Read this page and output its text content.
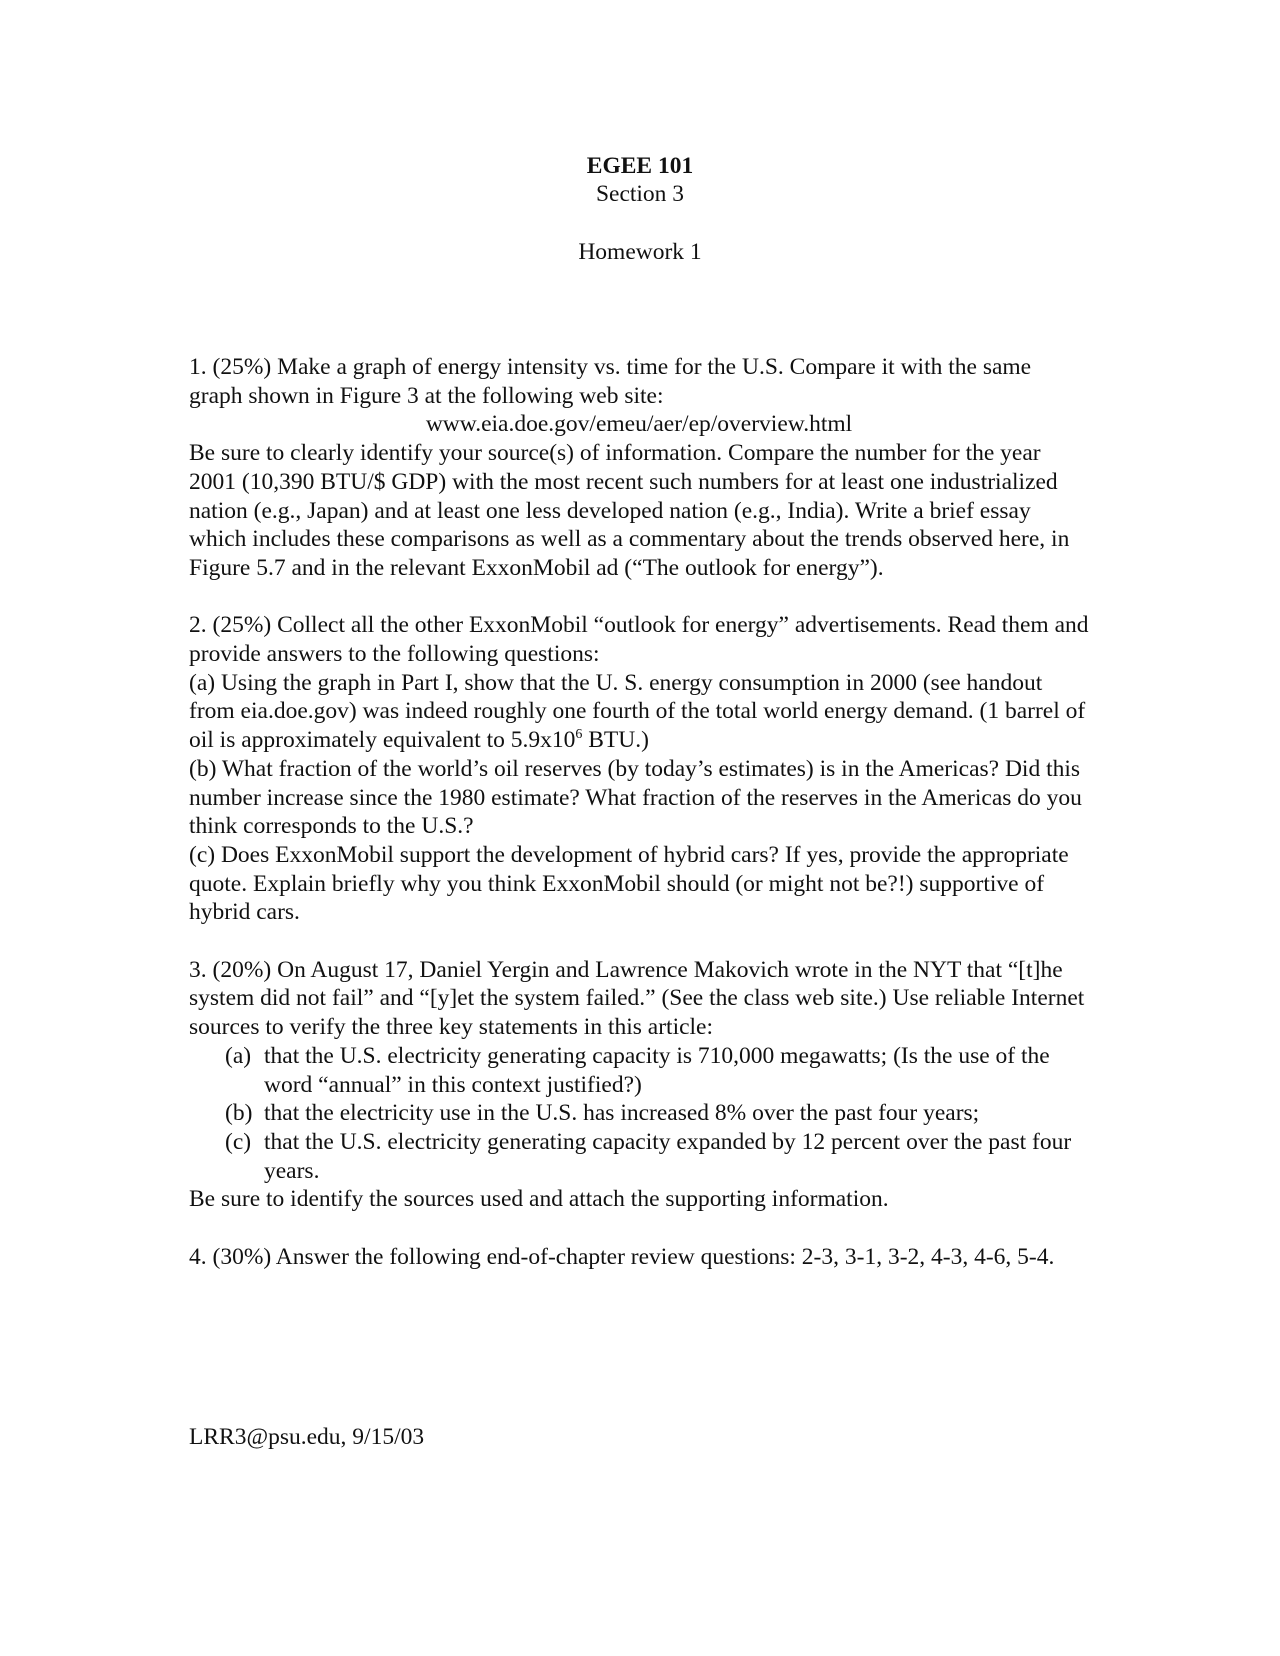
EGEE 101
Section 3
Homework 1

1. (25%) Make a graph of energy intensity vs. time for the U.S. Compare it with the same graph shown in Figure 3 at the following web site:

www.eia.doe.gov/emeu/aer/ep/overview.html

Be sure to clearly identify your source(s) of information. Compare the number for the year 2001 (10,390 BTU/$ GDP) with the most recent such numbers for at least one industrialized nation (e.g., Japan) and at least one less developed nation (e.g., India). Write a brief essay which includes these comparisons as well as a commentary about the trends observed here, in Figure 5.7 and in the relevant ExxonMobil ad (“The outlook for energy”).

2. (25%) Collect all the other ExxonMobil “outlook for energy” advertisements. Read them and provide answers to the following questions:

(a) Using the graph in Part I, show that the U. S. energy consumption in 2000 (see handout from eia.doe.gov) was indeed roughly one fourth of the total world energy demand. (1 barrel of oil is approximately equivalent to $5.9x10^6$ BTU.)

(b) What fraction of the world’s oil reserves (by today’s estimates) is in the Americas? Did this number increase since the 1980 estimate? What fraction of the reserves in the Americas do you think corresponds to the U.S.?

(c) Does ExxonMobil support the development of hybrid cars? If yes, provide the appropriate quote. Explain briefly why you think ExxonMobil should (or might not be?!) supportive of hybrid cars.

3. (20%) On August 17, Daniel Yergin and Lawrence Makovich wrote in the NYT that “[t]he system did not fail” and “[y]et the system failed.” (See the class web site.) Use reliable Internet sources to verify the three key statements in this article:

(a) that the U.S. electricity generating capacity is 710,000 megawatts; (Is the use of the word “annual” in this context justified?)
(b) that the electricity use in the U.S. has increased 8% over the past four years;
(c) that the U.S. electricity generating capacity expanded by 12 percent over the past four years.

Be sure to identify the sources used and attach the supporting information.

4. (30%) Answer the following end-of-chapter review questions: 2-3, 3-1, 3-2, 4-3, 4-6, 5-4.

LRR3@psu.edu, 9/15/03
